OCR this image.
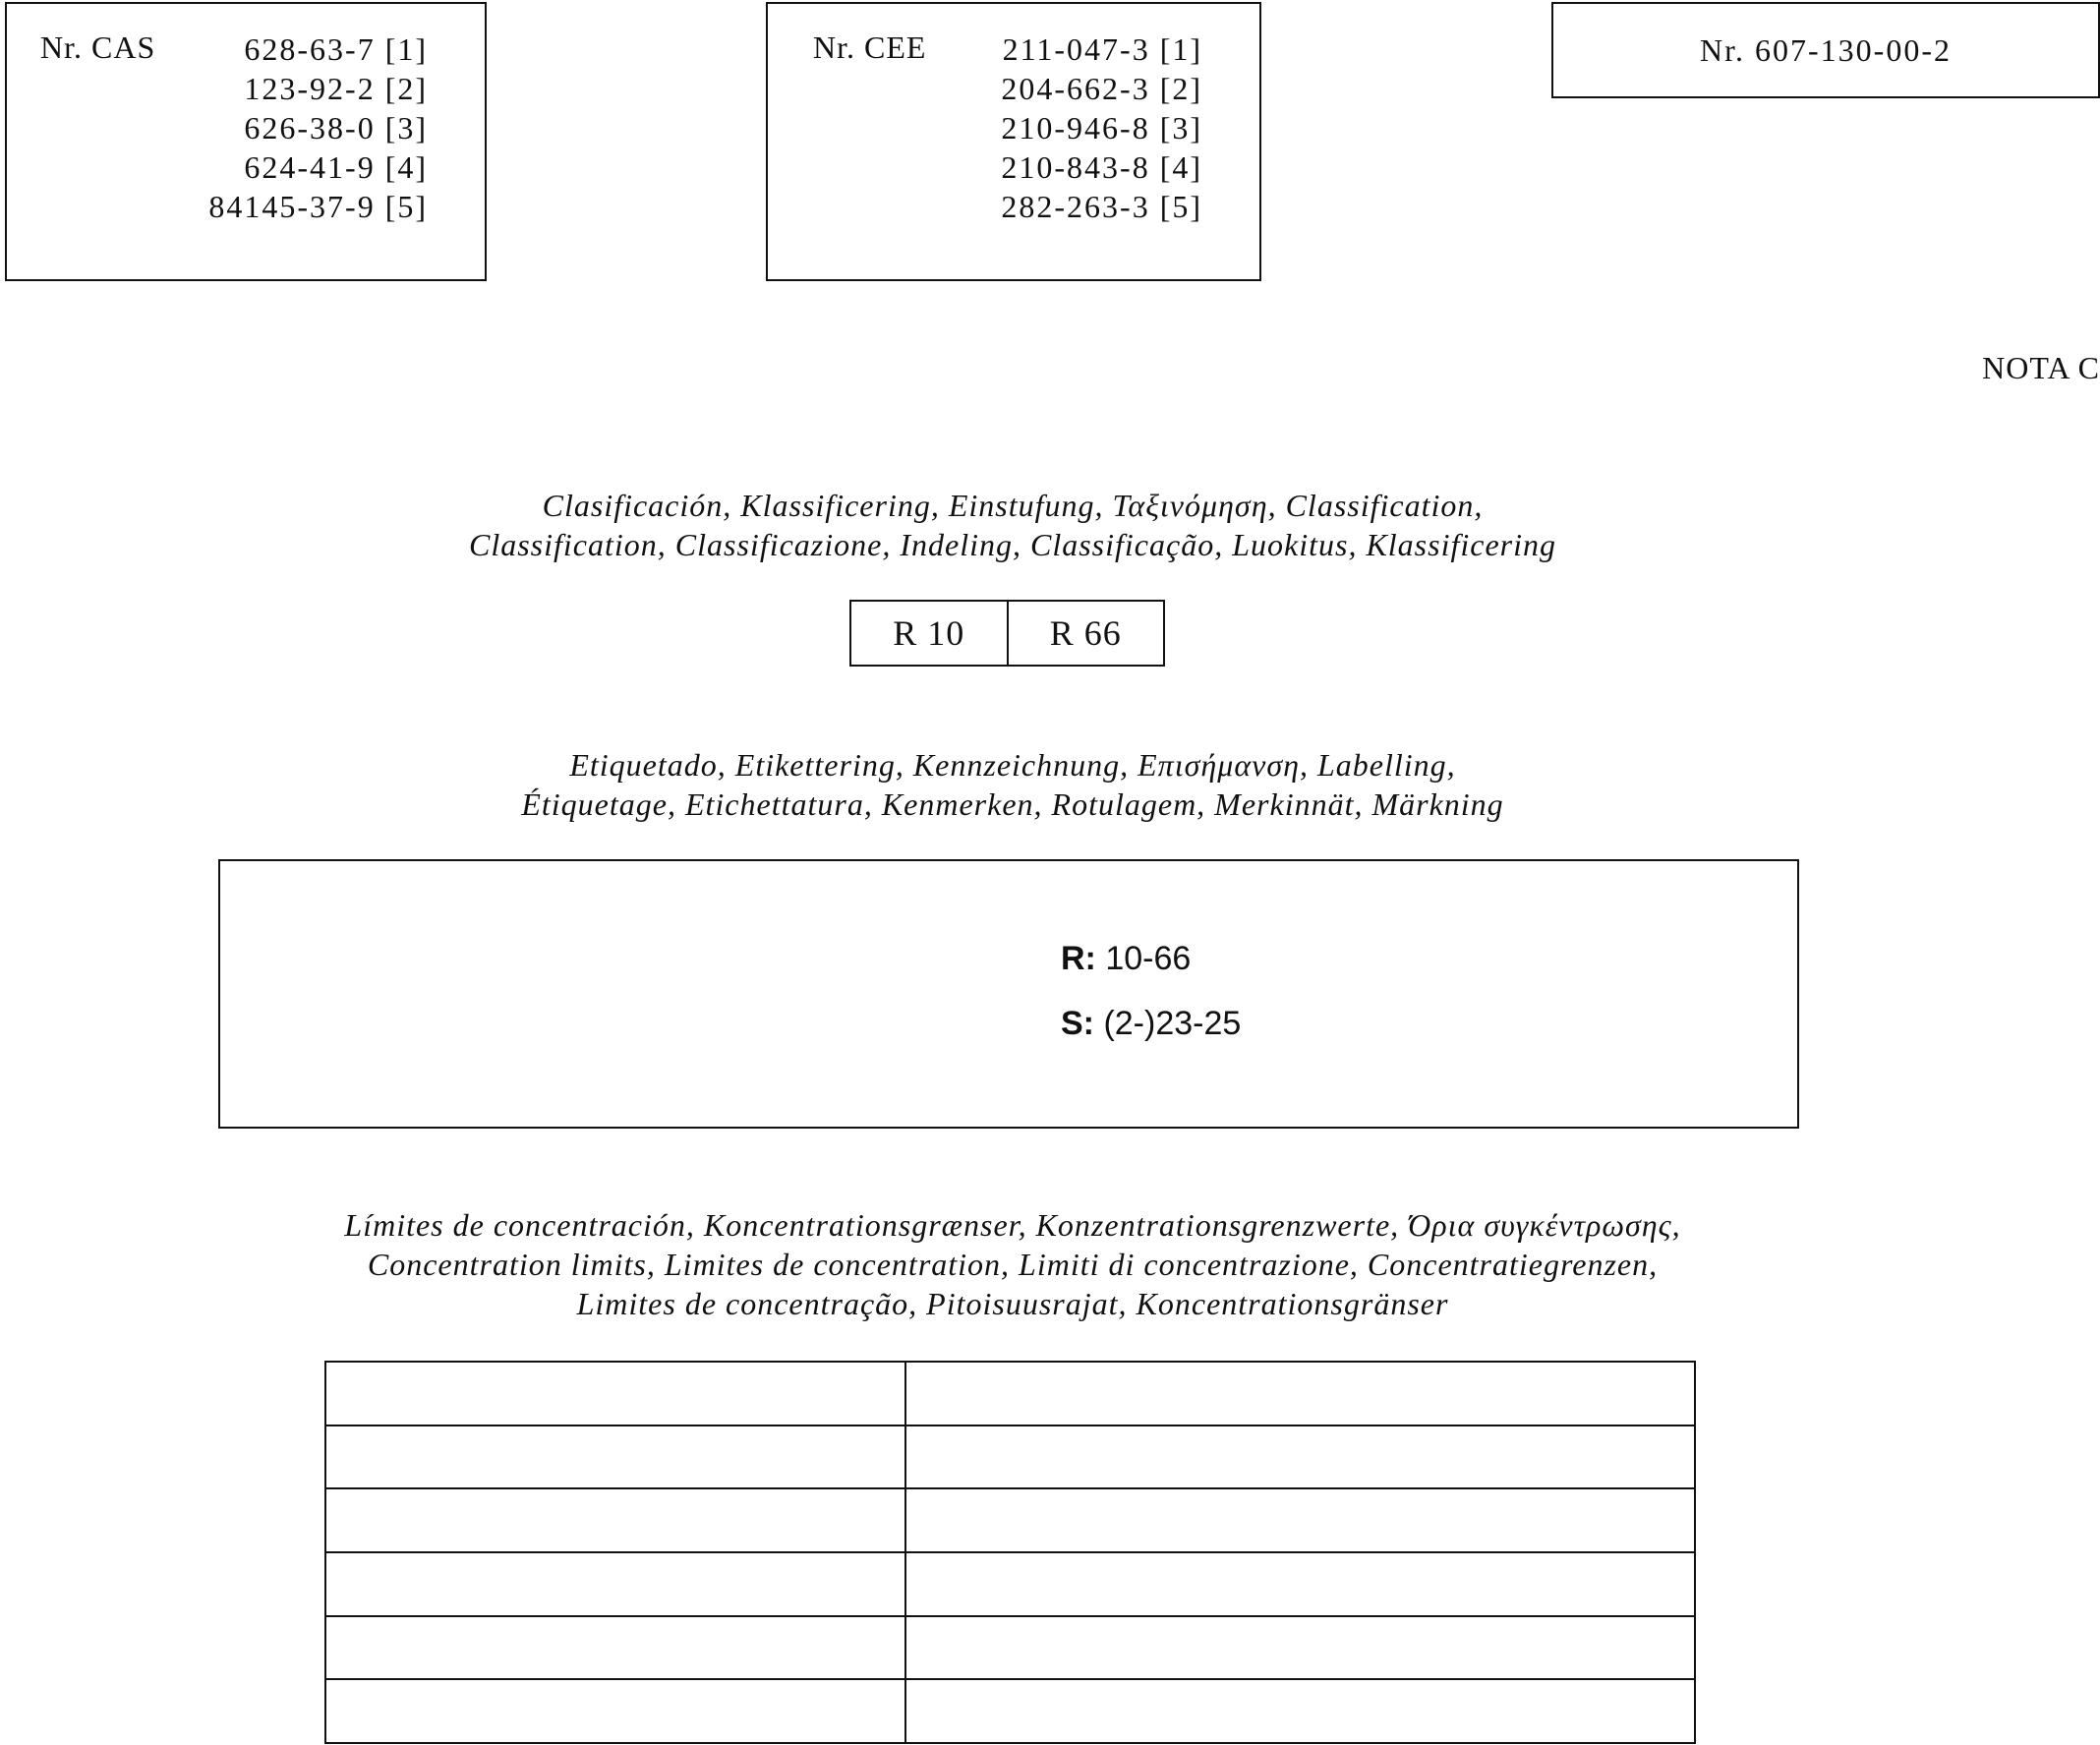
Nr. CAS	628-63-7 [1]
123-92-2 [2]
626-38-0 [3]
624-41-9 [4]
84145-37-9 [5]
Nr. CEE 211-047-3 [1]
204-662-3 [2]
210-946-8 [3]
210-843-8 [4]
282-263-3 [5]
Nr. 607-130-00-2
NOTA C
Clasificación, Klassificering, Einstufung, Ταξινόμηση, Classification,
Classification, Classificazione, Indeling, Classificação, Luokitus, Klassificering
R 10	R 66
Etiquetado, Etikettering, Kennzeichnung, Επισήμανση, Labelling,
Étiquetage, Etichettatura, Kenmerken, Rotulagem, Merkinnät, Märkning
R: 10-66
S: (2-)23-25
Límites de concentración, Koncentrationsgrænser, Konzentrationsgrenzwerte, Όρια συγκέντρωσης,
Concentration limits, Limites de concentration, Limiti di concentrazione, Concentratiegrenzen,
Limites de concentração, Pitoisuusrajat, Koncentrationsgränser
